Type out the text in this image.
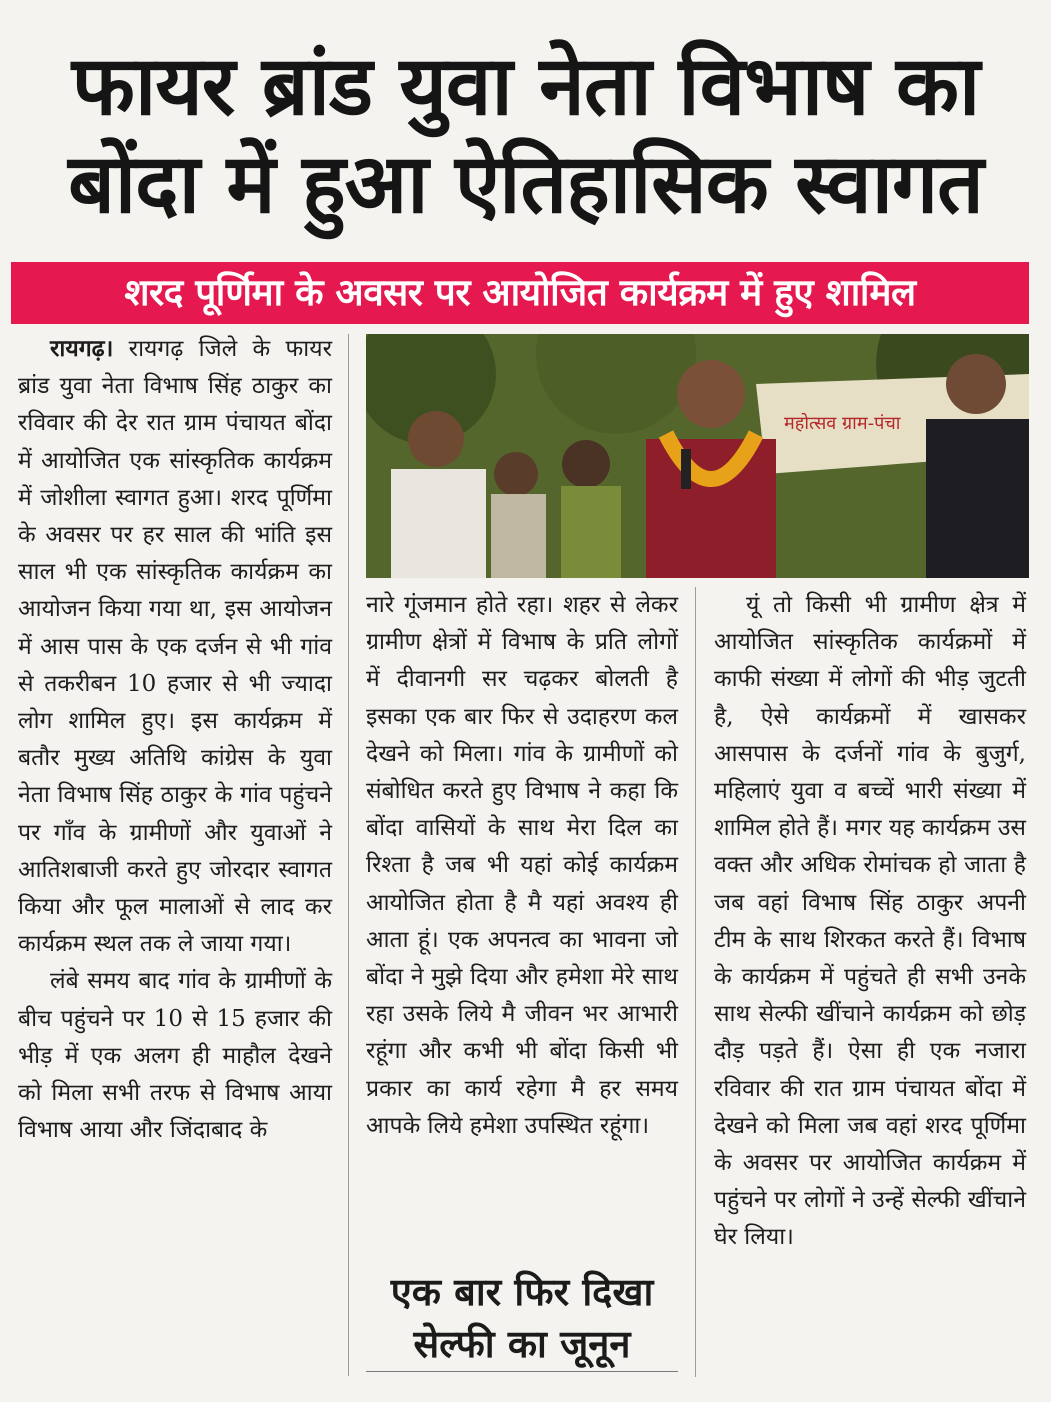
फायर ब्रांड युवा नेता विभाष का
बोंदा में हुआ ऐतिहासिक स्वागत
शरद पूर्णिमा के अवसर पर आयोजित कार्यक्रम में हुए शामिल

रायगढ़। रायगढ़ जिले के फायर ब्रांड युवा नेता विभाष सिंह ठाकुर का रविवार की देर रात ग्राम पंचायत बोंदा में आयोजित एक सांस्कृतिक कार्यक्रम में जोशीला स्वागत हुआ। शरद पूर्णिमा के अवसर पर हर साल की भांति इस साल भी एक सांस्कृतिक कार्यक्रम का आयोजन किया गया था, इस आयोजन में आस पास के एक दर्जन से भी गांव से तकरीबन 10 हजार से भी ज्यादा लोग शामिल हुए। इस कार्यक्रम में बतौर मुख्य अतिथि कांग्रेस के युवा नेता विभाष सिंह ठाकुर के गांव पहुंचने पर गाँव के ग्रामीणों और युवाओं ने आतिशबाजी करते हुए जोरदार स्वागत किया और फूल मालाओं से लाद कर कार्यक्रम स्थल तक ले जाया गया।

लंबे समय बाद गांव के ग्रामीणों के बीच पहुंचने पर 10 से 15 हजार की भीड़ में एक अलग ही माहौल देखने को मिला सभी तरफ से विभाष आया विभाष आया और जिंदाबाद के

महोत्सव ग्राम-पंचा

नारे गूंजमान होते रहा। शहर से लेकर ग्रामीण क्षेत्रों में विभाष के प्रति लोगों में दीवानगी सर चढ़कर बोलती है इसका एक बार फिर से उदाहरण कल देखने को मिला। गांव के ग्रामीणों को संबोधित करते हुए विभाष ने कहा कि बोंदा वासियों के साथ मेरा दिल का रिश्ता है जब भी यहां कोई कार्यक्रम आयोजित होता है मै यहां अवश्य ही आता हूं। एक अपनत्व का भावना जो बोंदा ने मुझे दिया और हमेशा मेरे साथ रहा उसके लिये मै जीवन भर आभारी रहूंगा और कभी भी बोंदा किसी भी प्रकार का कार्य रहेगा मै हर समय आपके लिये हमेशा उपस्थित रहूंगा।

एक बार फिर दिखा
सेल्फी का जूनून

यूं तो किसी भी ग्रामीण क्षेत्र में आयोजित सांस्कृतिक कार्यक्रमों में काफी संख्या में लोगों की भीड़ जुटती है, ऐसे कार्यक्रमों में खासकर आसपास के दर्जनों गांव के बुजुर्ग, महिलाएं युवा व बच्चें भारी संख्या में शामिल होते हैं। मगर यह कार्यक्रम उस वक्त और अधिक रोमांचक हो जाता है जब वहां विभाष सिंह ठाकुर अपनी टीम के साथ शिरकत करते हैं। विभाष के कार्यक्रम में पहुंचते ही सभी उनके साथ सेल्फी खींचाने कार्यक्रम को छोड़ दौड़ पड़ते हैं। ऐसा ही एक नजारा रविवार की रात ग्राम पंचायत बोंदा में देखने को मिला जब वहां शरद पूर्णिमा के अवसर पर आयोजित कार्यक्रम में पहुंचने पर लोगों ने उन्हें सेल्फी खींचाने घेर लिया।
